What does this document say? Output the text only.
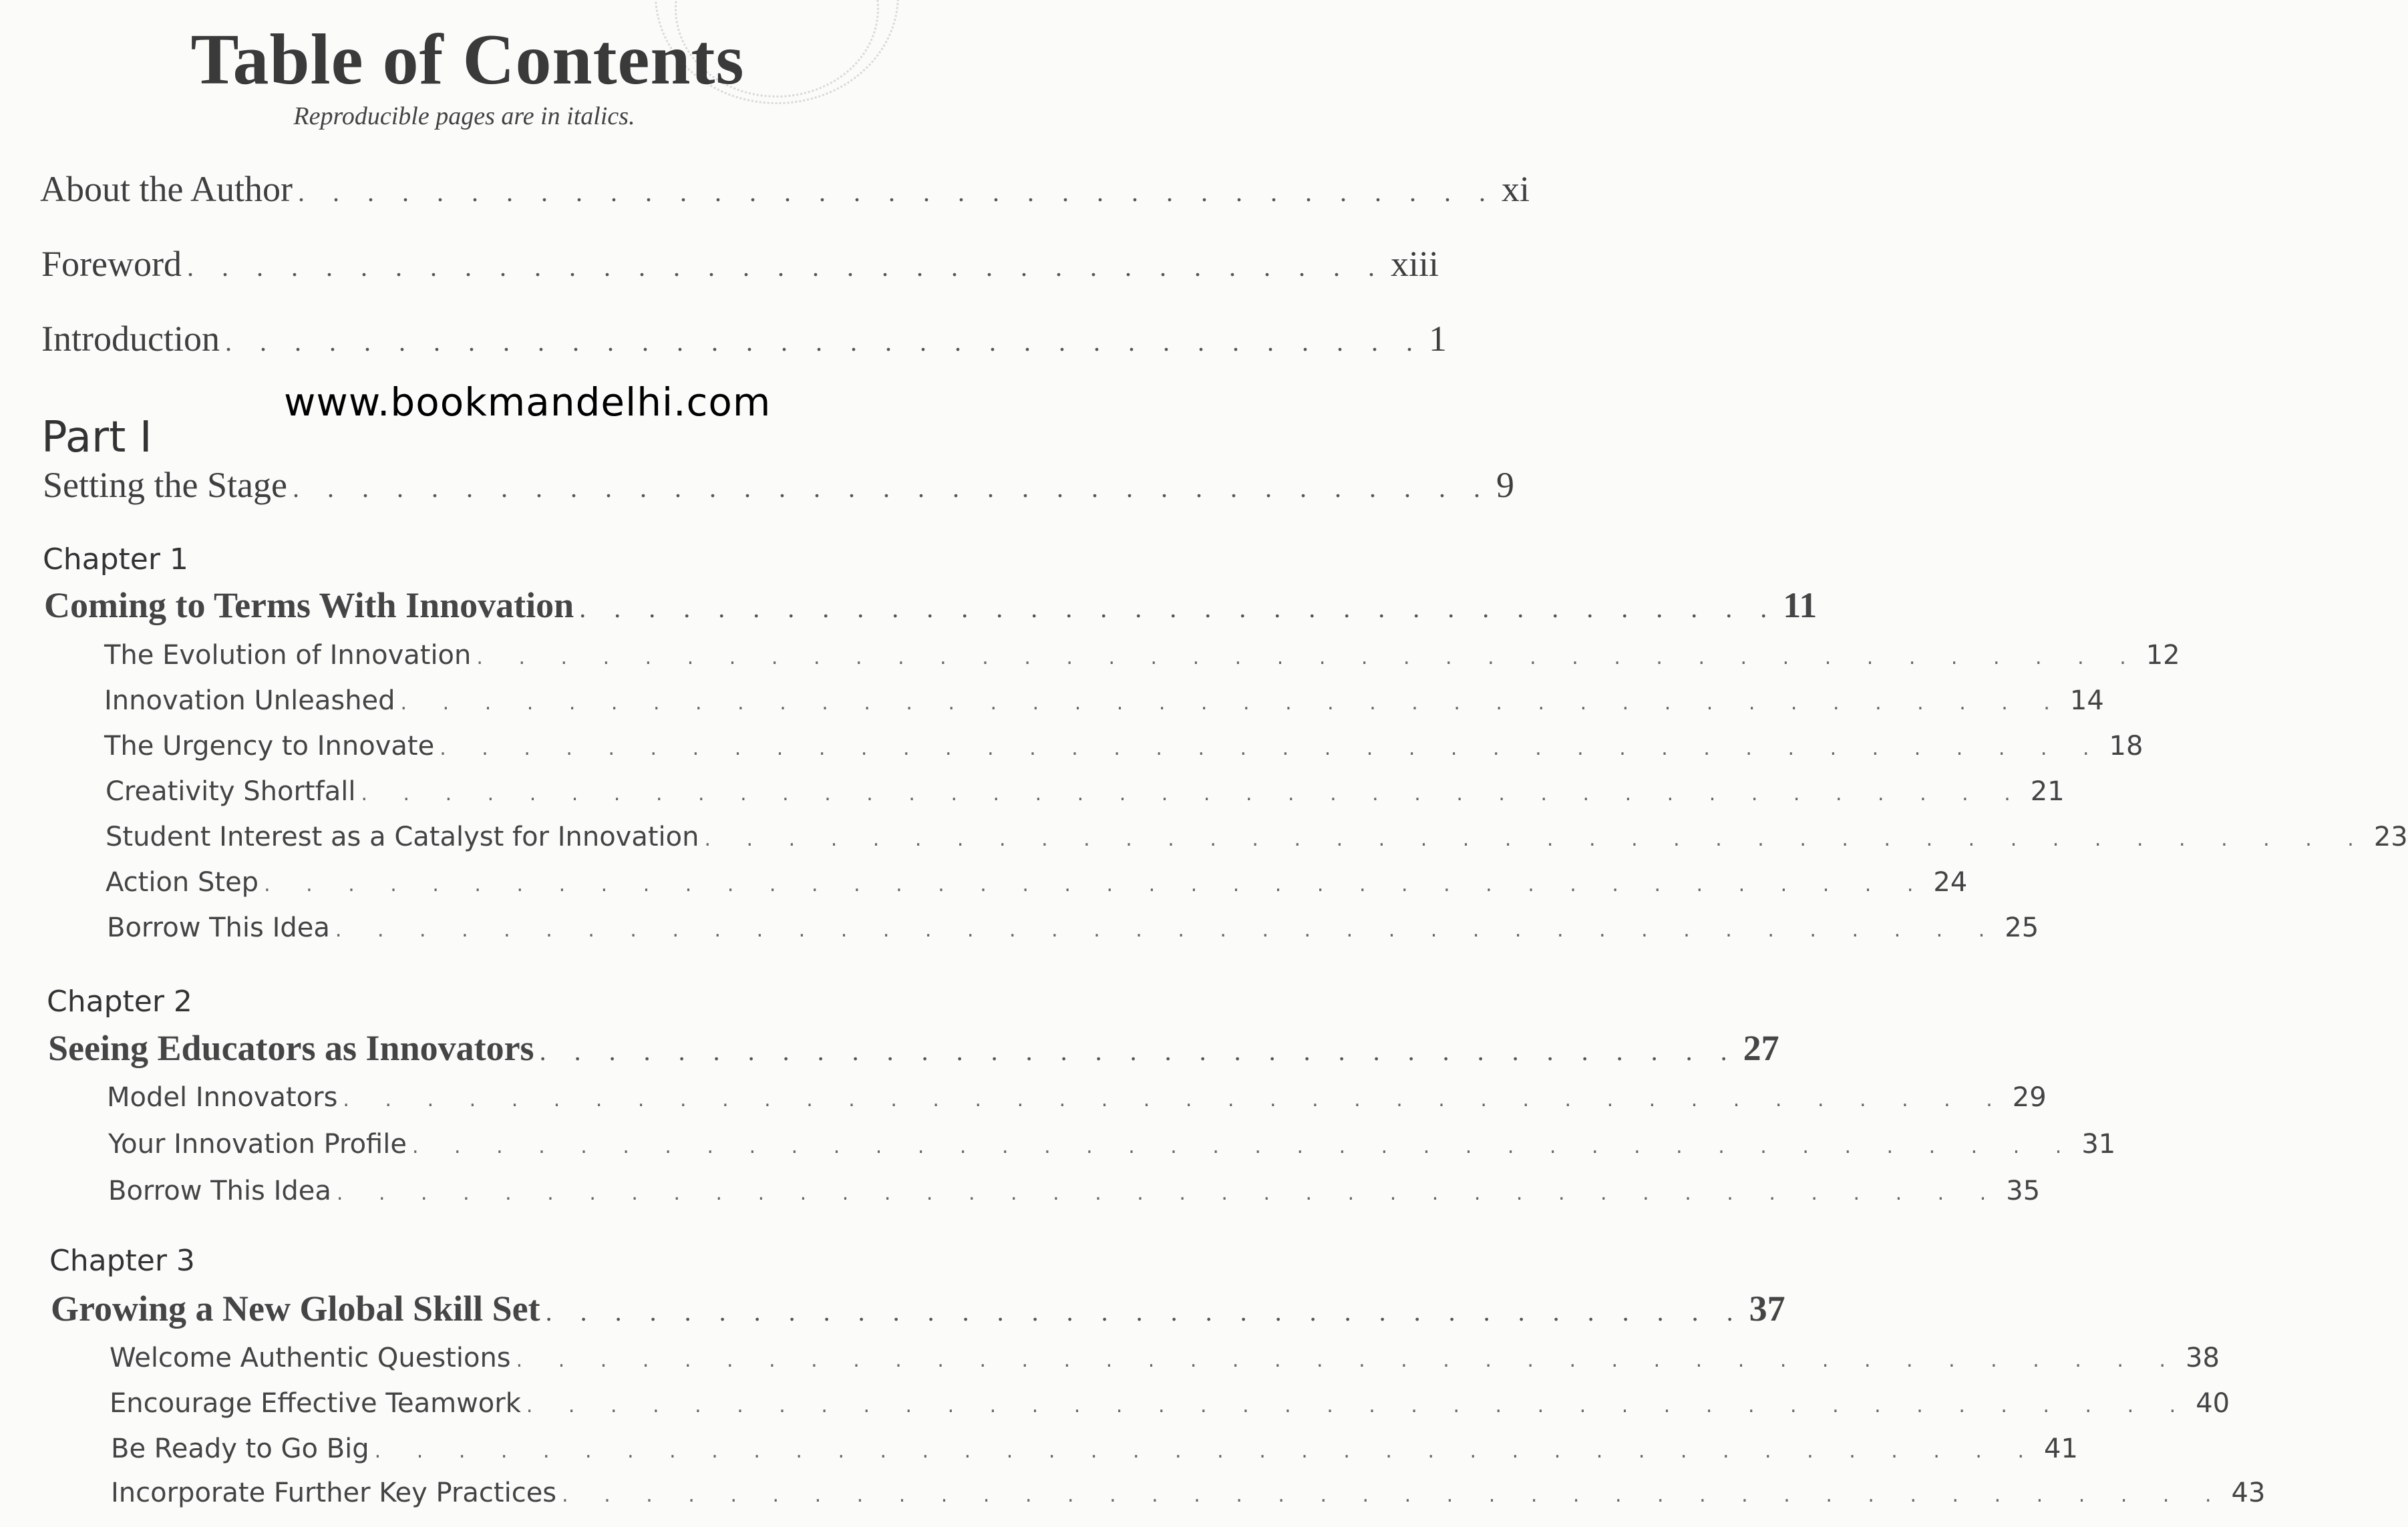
Table of Contents
Reproducible pages are in italics.
About the Author . . . . . . . . . . . . . . . . . . . . . . . . . . . . . . . . . . . xi
Foreword . . . . . . . . . . . . . . . . . . . . . . . . . . . . . . . . . . . xiii
Introduction . . . . . . . . . . . . . . . . . . . . . . . . . . . . . . . . . . . 1
www.bookmandelhi.com
Part I
Setting the Stage . . . . . . . . . . . . . . . . . . . . . . . . . . . . . . . . . . . 9
Chapter 1
Coming to Terms With Innovation . . . . . . . . . . . . . . . . . . . . . . . . . . . . . . . . . . . 11
The Evolution of Innovation . . . . . . . . . . . . . . . . . . . . . . . . . . . . . . . . . . . . . . . . 12
Innovation Unleashed . . . . . . . . . . . . . . . . . . . . . . . . . . . . . . . . . . . . . . . . 14
The Urgency to Innovate . . . . . . . . . . . . . . . . . . . . . . . . . . . . . . . . . . . . . . . . 18
Creativity Shortfall . . . . . . . . . . . . . . . . . . . . . . . . . . . . . . . . . . . . . . . . 21
Student Interest as a Catalyst for Innovation . . . . . . . . . . . . . . . . . . . . . . . . . . . . . . . . . . . . . . . . 23
Action Step . . . . . . . . . . . . . . . . . . . . . . . . . . . . . . . . . . . . . . . . 24
Borrow This Idea . . . . . . . . . . . . . . . . . . . . . . . . . . . . . . . . . . . . . . . . 25
Chapter 2
Seeing Educators as Innovators . . . . . . . . . . . . . . . . . . . . . . . . . . . . . . . . . . . 27
Model Innovators . . . . . . . . . . . . . . . . . . . . . . . . . . . . . . . . . . . . . . . . 29
Your Innovation Profile . . . . . . . . . . . . . . . . . . . . . . . . . . . . . . . . . . . . . . . . 31
Borrow This Idea . . . . . . . . . . . . . . . . . . . . . . . . . . . . . . . . . . . . . . . . 35
Chapter 3
Growing a New Global Skill Set . . . . . . . . . . . . . . . . . . . . . . . . . . . . . . . . . . . 37
Welcome Authentic Questions . . . . . . . . . . . . . . . . . . . . . . . . . . . . . . . . . . . . . . . . 38
Encourage Effective Teamwork . . . . . . . . . . . . . . . . . . . . . . . . . . . . . . . . . . . . . . . . 40
Be Ready to Go Big . . . . . . . . . . . . . . . . . . . . . . . . . . . . . . . . . . . . . . . . 41
Incorporate Further Key Practices . . . . . . . . . . . . . . . . . . . . . . . . . . . . . . . . . . . . . . . . 43
